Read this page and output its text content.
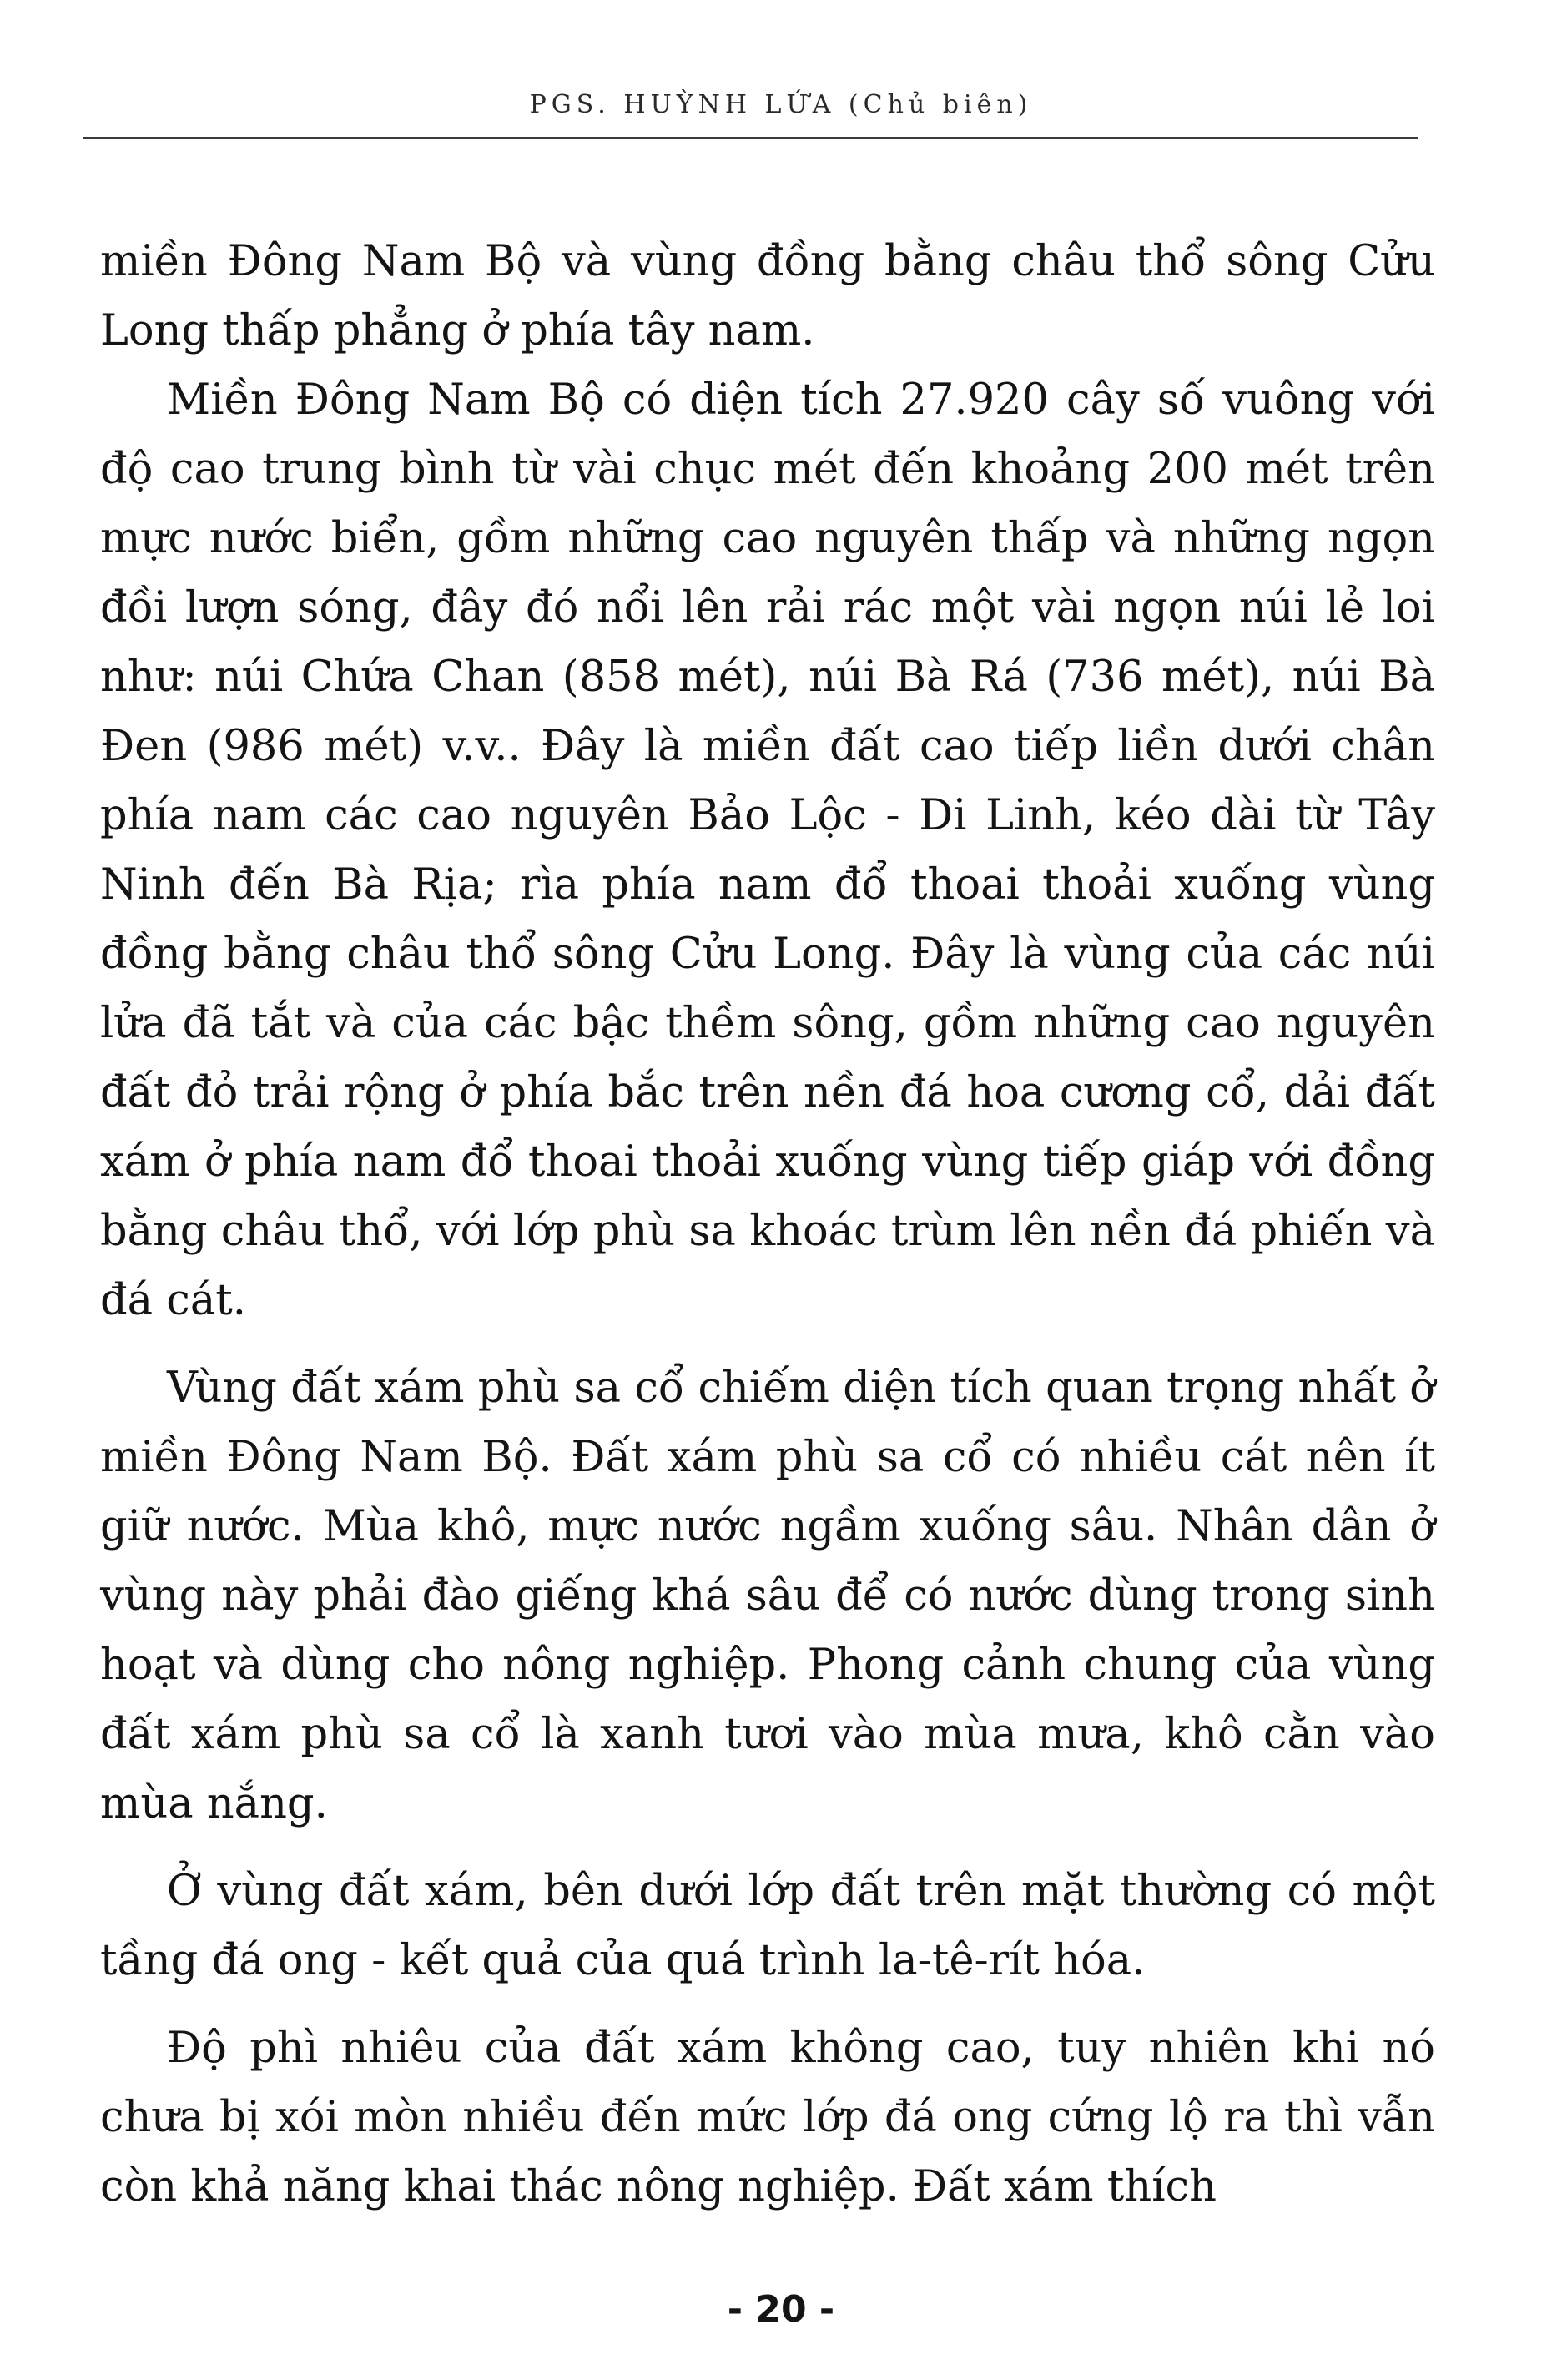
PGS. HUỲNH LỨA (Chủ biên)

miền Đông Nam Bộ và vùng đồng bằng châu thổ sông Cửu Long thấp phẳng ở phía tây nam.

Miền Đông Nam Bộ có diện tích 27.920 cây số vuông với độ cao trung bình từ vài chục mét đến khoảng 200 mét trên mực nước biển, gồm những cao nguyên thấp và những ngọn đồi lượn sóng, đây đó nổi lên rải rác một vài ngọn núi lẻ loi như: núi Chứa Chan (858 mét), núi Bà Rá (736 mét), núi Bà Đen (986 mét) v.v.. Đây là miền đất cao tiếp liền dưới chân phía nam các cao nguyên Bảo Lộc - Di Linh, kéo dài từ Tây Ninh đến Bà Rịa; rìa phía nam đổ thoai thoải xuống vùng đồng bằng châu thổ sông Cửu Long. Đây là vùng của các núi lửa đã tắt và của các bậc thềm sông, gồm những cao nguyên đất đỏ trải rộng ở phía bắc trên nền đá hoa cương cổ, dải đất xám ở phía nam đổ thoai thoải xuống vùng tiếp giáp với đồng bằng châu thổ, với lớp phù sa khoác trùm lên nền đá phiến và đá cát.

Vùng đất xám phù sa cổ chiếm diện tích quan trọng nhất ở miền Đông Nam Bộ. Đất xám phù sa cổ có nhiều cát nên ít giữ nước. Mùa khô, mực nước ngầm xuống sâu. Nhân dân ở vùng này phải đào giếng khá sâu để có nước dùng trong sinh hoạt và dùng cho nông nghiệp. Phong cảnh chung của vùng đất xám phù sa cổ là xanh tươi vào mùa mưa, khô cằn vào mùa nắng.

Ở vùng đất xám, bên dưới lớp đất trên mặt thường có một tầng đá ong - kết quả của quá trình la-tê-rít hóa.

Độ phì nhiêu của đất xám không cao, tuy nhiên khi nó chưa bị xói mòn nhiều đến mức lớp đá ong cứng lộ ra thì vẫn còn khả năng khai thác nông nghiệp. Đất xám thích

- 20 -
